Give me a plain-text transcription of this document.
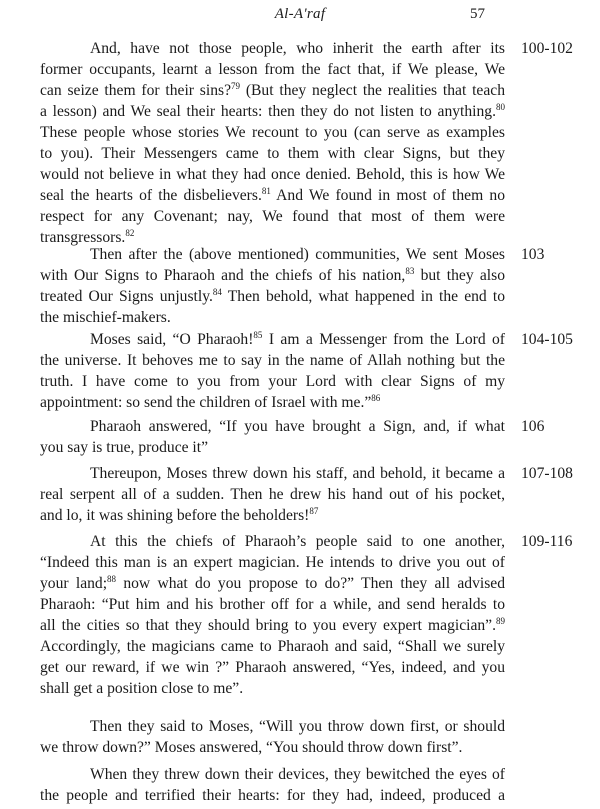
Al-A'raf	57
And, have not those people, who inherit the earth after its
former occupants, learnt a lesson from the fact that, if We please, We
can seize them for their sins?$^{79}$ (But they neglect the realities that teach
a lesson) and We seal their hearts: then they do not listen to anything.$^{80}$
These people whose stories We recount to you (can serve as examples
to you). Their Messengers came to them with clear Signs, but they
would not believe in what they had once denied. Behold, this is how We
seal the hearts of the disbelievers.$^{81}$ And We found in most of them no
respect for any Covenant; nay, We found that most of them were
transgressors.$^{82}$
100-102
Then after the (above mentioned) communities, We sent Moses
with Our Signs to Pharaoh and the chiefs of his nation,$^{83}$ but they also
treated Our Signs unjustly.$^{84}$ Then behold, what happened in the end to
the mischief-makers.
103
Moses said, “O Pharaoh!$^{85}$ I am a Messenger from the Lord of
the universe. It behoves me to say in the name of Allah nothing but the
truth. I have come to you from your Lord with clear Signs of my
appointment: so send the children of Israel with me.”$^{86}$
104-105
Pharaoh answered, “If you have brought a Sign, and, if what
you say is true, produce it”
106
Thereupon, Moses threw down his staff, and behold, it became a
real serpent all of a sudden. Then he drew his hand out of his pocket,
and lo, it was shining before the beholders!$^{87}$
107-108
At this the chiefs of Pharaoh’s people said to one another,
“Indeed this man is an expert magician. He intends to drive you out of
your land;$^{88}$ now what do you propose to do?” Then they all advised
Pharaoh: “Put him and his brother off for a while, and send heralds to
all the cities so that they should bring to you every expert magician”.$^{89}$
Accordingly, the magicians came to Pharaoh and said, “Shall we surely
get our reward, if we win ?” Pharaoh answered, “Yes, indeed, and you
shall get a position close to me”.
109-116
Then they said to Moses, “Will you throw down first, or should
we throw down?” Moses answered, “You should throw down first”.
When they threw down their devices, they bewitched the eyes of
the people and terrified their hearts: for they had, indeed, produced a
